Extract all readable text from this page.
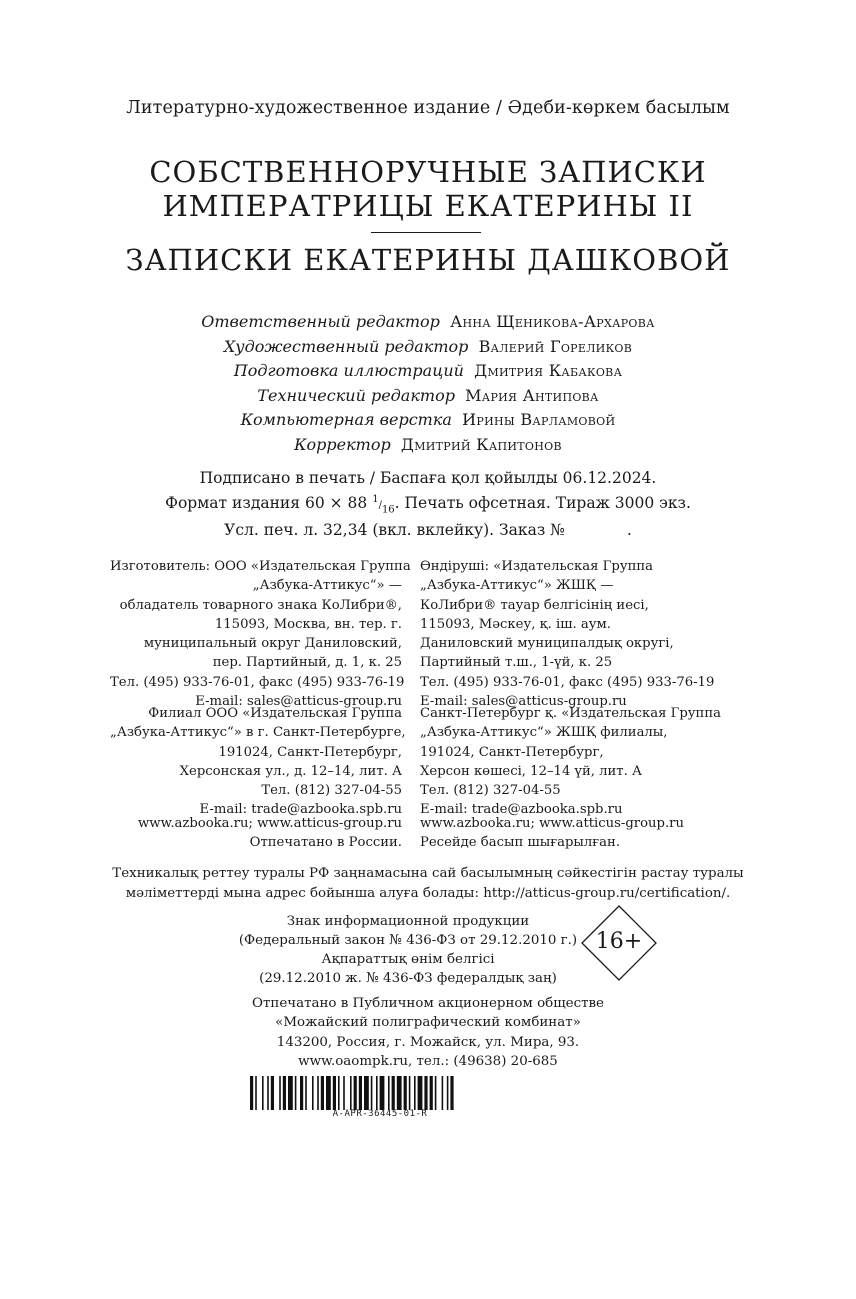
Литературно-художественное издание / Әдеби-көркем басылым
СОБСТВЕННОРУЧНЫЕ ЗАПИСКИ
ИМПЕРАТРИЦЫ ЕКАТЕРИНЫ II
ЗАПИСКИ ЕКАТЕРИНЫ ДАШКОВОЙ
Ответственный редактор Анна Щеникова-Архарова
Художественный редактор Валерий Гореликов
Подготовка иллюстраций Дмитрия Кабакова
Технический редактор Мария Антипова
Компьютерная верстка Ирины Варламовой
Корректор Дмитрий Капитонов
Подписано в печать / Баспаға қол қойылды 06.12.2024.
Формат издания 60 × 88 $^1/_{16}$. Печать офсетная. Тираж 3000 экз.
Усл. печ. л. 32,34 (вкл. вклейку). Заказ №	.
Изготовитель: ООО «Издательская Группа
„Азбука-Аттикус“» —
обладатель товарного знака КоЛибри®,
115093, Москва, вн. тер. г.
муниципальный округ Даниловский,
пер. Партийный, д. 1, к. 25
Тел. (495) 933-76-01, факс (495) 933-76-19
E-mail: sales@atticus-group.ru
Өндіруші: «Издательская Группа
„Азбука-Аттикус“» ЖШҚ —
КоЛибри® тауар белгісінің иесі,
115093, Мәскеу, қ. іш. аум.
Даниловский муниципалдық округі,
Партийный т.ш., 1-үй, к. 25
Тел. (495) 933-76-01, факс (495) 933-76-19
E-mail: sales@atticus-group.ru
Филиал ООО «Издательская Группа
„Азбука-Аттикус“» в г. Санкт-Петербурге,
191024, Санкт-Петербург,
Херсонская ул., д. 12–14, лит. А
Тел. (812) 327-04-55
E-mail: trade@azbooka.spb.ru
Санкт-Петербург қ. «Издательская Группа
„Азбука-Аттикус“» ЖШҚ филиалы,
191024, Санкт-Петербург,
Херсон көшесі, 12–14 үй, лит. А
Тел. (812) 327-04-55
E-mail: trade@azbooka.spb.ru
www.azbooka.ru; www.atticus-group.ru
Отпечатано в России.
www.azbooka.ru; www.atticus-group.ru
Ресейде басып шығарылған.
Техникалық реттеу туралы РФ заңнамасына сай басылымның сәйкестігін растау туралы
мәліметтерді мына адрес бойынша алуға болады: http://atticus-group.ru/certification/.
Знак информационной продукции
(Федеральный закон № 436-ФЗ от 29.12.2010 г.)
Ақпараттық өнім белгісі
(29.12.2010 ж. № 436-ФЗ федералдық заң)
16+
Отпечатано в Публичном акционерном обществе
«Можайский полиграфический комбинат»
143200, Россия, г. Можайск, ул. Мира, 93.
www.oaompk.ru, тел.: (49638) 20-685
A-APR-36445-01-R
